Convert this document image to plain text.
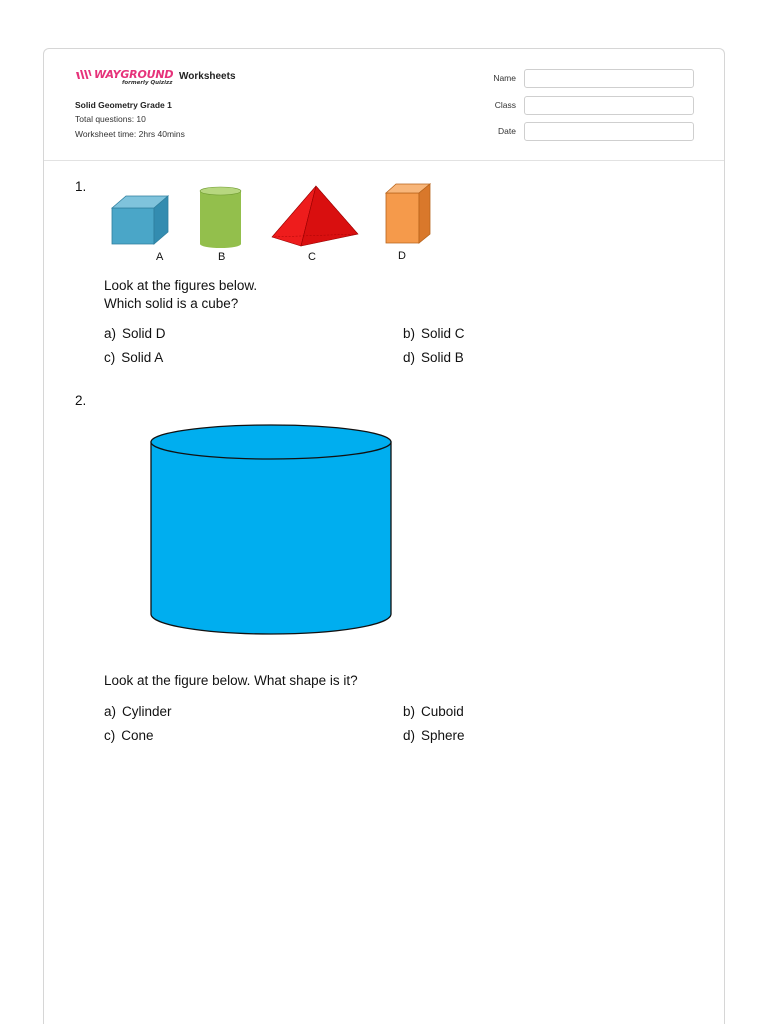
WAYGROUND
formerly Quizizz
Worksheets
Solid Geometry Grade 1
Total questions: 10
Worksheet time: 2hrs 40mins
Name
Class
Date
1.
A	B	C	D
Look at the figures below.
Which solid is a cube?
a) Solid D	b) Solid C
c) Solid A	d) Solid B
2.
Look at the figure below. What shape is it?
a) Cylinder	b) Cuboid
c) Cone	d) Sphere
